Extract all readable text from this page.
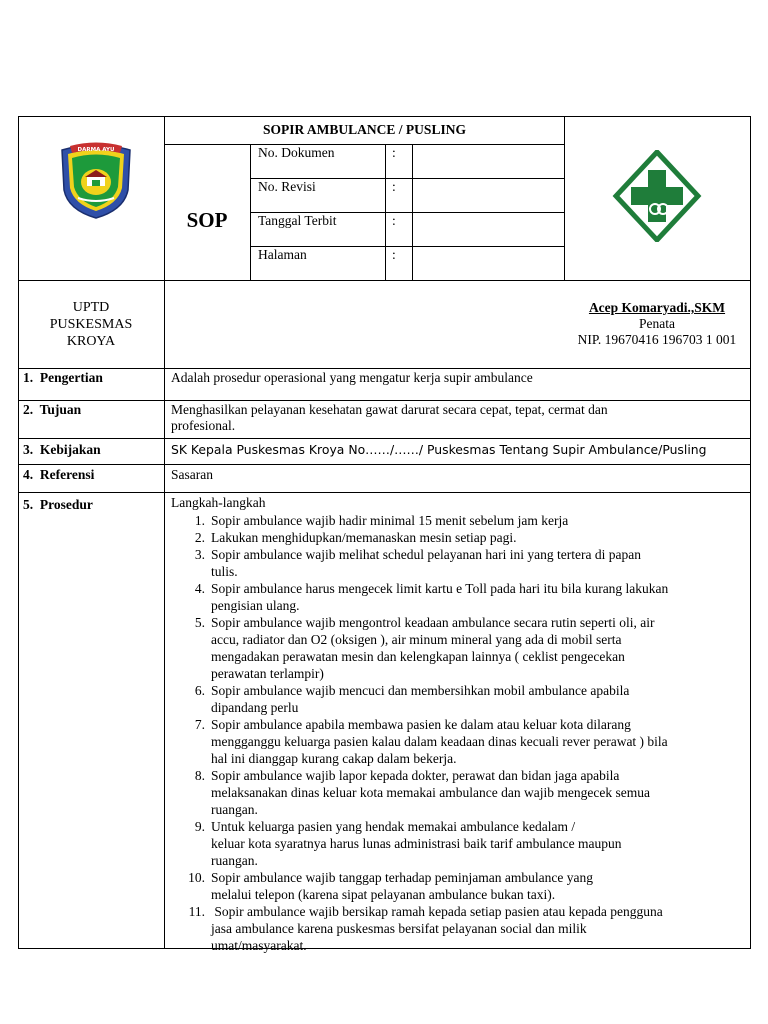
DARMA AYU
SOPIR AMBULANCE / PUSLING
SOP
No. Dokumen	:
No. Revisi	:
Tanggal Terbit	:
Halaman	:
UPTD
PUSKESMAS
KROYA
Acep Komaryadi.,SKM
Penata
NIP. 19670416 196703 1 001
1.  Pengertian	Adalah prosedur operasional yang mengatur kerja supir ambulance
2.  Tujuan	Menghasilkan pelayanan kesehatan gawat darurat secara cepat, tepat, cermat dan
profesional.
3.  Kebijakan	SK Kepala Puskesmas Kroya No……/……/ Puskesmas Tentang Supir Ambulance/Pusling
4.  Referensi	Sasaran
5.  Prosedur	Langkah-langkah
1. Sopir ambulance wajib hadir minimal 15 menit sebelum jam kerja
2. Lakukan menghidupkan/memanaskan mesin setiap pagi.
3. Sopir ambulance wajib melihat schedul pelayanan hari ini yang tertera di papan
tulis.
4. Sopir ambulance harus mengecek limit kartu e Toll pada hari itu bila kurang lakukan
pengisian ulang.
5. Sopir ambulance wajib mengontrol keadaan ambulance secara rutin seperti oli, air
accu, radiator dan O2 (oksigen ), air minum mineral yang ada di mobil serta
mengadakan perawatan mesin dan kelengkapan lainnya ( ceklist pengecekan
perawatan terlampir)
6. Sopir ambulance wajib mencuci dan membersihkan mobil ambulance apabila
dipandang perlu
7. Sopir ambulance apabila membawa pasien ke dalam atau keluar kota dilarang
mengganggu keluarga pasien kalau dalam keadaan dinas kecuali rever perawat ) bila
hal ini dianggap kurang cakap dalam bekerja.
8. Sopir ambulance wajib lapor kepada dokter, perawat dan bidan jaga apabila
melaksanakan dinas keluar kota memakai ambulance dan wajib mengecek semua
ruangan.
9. Untuk keluarga pasien yang hendak memakai ambulance kedalam /
keluar kota syaratnya harus lunas administrasi baik tarif ambulance maupun
ruangan.
10. Sopir ambulance wajib tanggap terhadap peminjaman ambulance yang
melalui telepon (karena sipat pelayanan ambulance bukan taxi).
11. Sopir ambulance wajib bersikap ramah kepada setiap pasien atau kepada pengguna
jasa ambulance karena puskesmas bersifat pelayanan social dan milik
umat/masyarakat.
